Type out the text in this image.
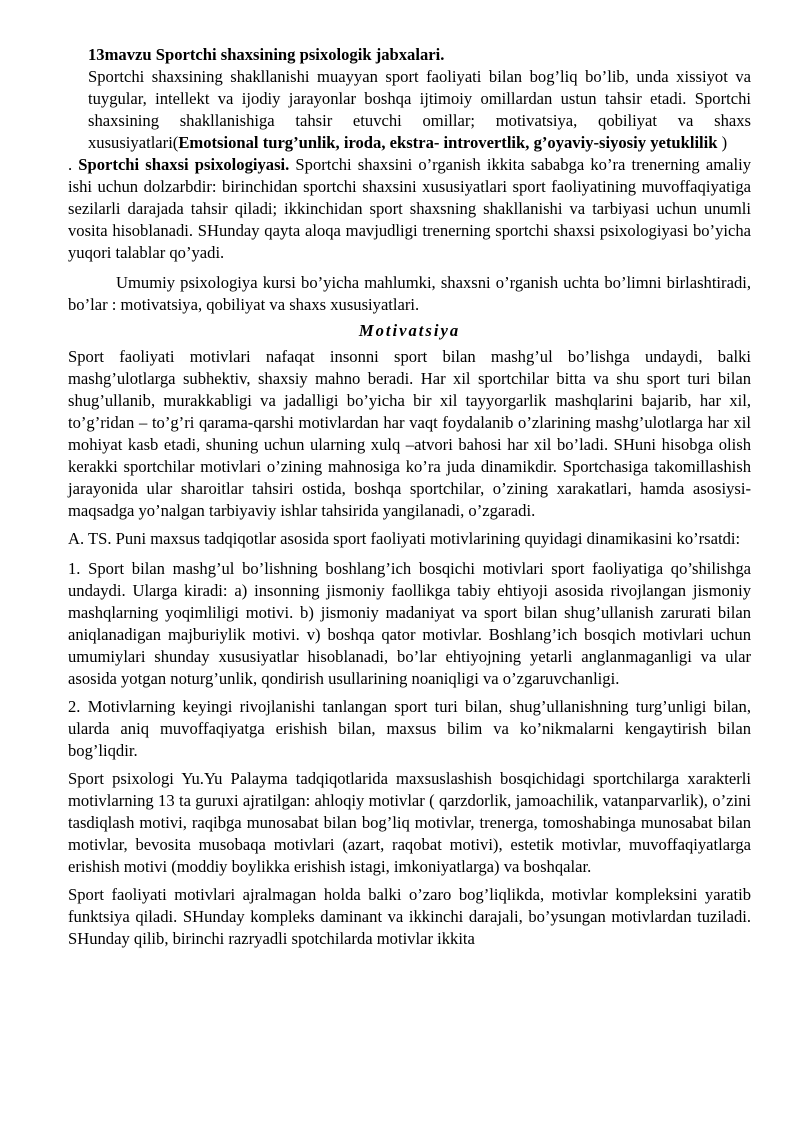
13mavzu Sportchi shaxsining psixologik jabxalari.

Sportchi shaxsining shakllanishi muayyan sport faoliyati bilan bog’liq bo’lib, unda xissiyot va tuygular, intellekt va ijodiy jarayonlar boshqa ijtimoiy omillardan ustun tahsir etadi. Sportchi shaxsining shakllanishiga tahsir etuvchi omillar; motivatsiya, qobiliyat va shaxs xususiyatlari(Emotsional turg’unlik, iroda, ekstra- introvertlik, g’oyaviy-siyosiy yetuklilik )

. Sportchi shaxsi psixologiyasi. Sportchi shaxsini o’rganish ikkita sababga ko’ra trenerning amaliy ishi uchun dolzarbdir: birinchidan sportchi shaxsini xususiyatlari sport faoliyatining muvoffaqiyatiga sezilarli darajada tahsir qiladi; ikkinchidan sport shaxsning shakllanishi va tarbiyasi uchun unumli vosita hisoblanadi. SHunday qayta aloqa mavjudligi trenerning sportchi shaxsi psixologiyasi bo’yicha yuqori talablar qo’yadi.

Umumiy psixologiya kursi bo’yicha mahlumki, shaxsni o’rganish uchta bo’limni birlashtiradi, bo’lar : motivatsiya, qobiliyat va shaxs xususiyatlari.

Motivatsiya

Sport faoliyati motivlari nafaqat insonni sport bilan mashg’ul bo’lishga undaydi, balki mashg’ulotlarga subhektiv, shaxsiy mahno beradi. Har xil sportchilar bitta va shu sport turi bilan shug’ullanib, murakkabligi va jadalligi bo’yicha bir xil tayyorgarlik mashqlarini bajarib, har xil, to’g’ridan – to’g’ri qarama-qarshi motivlardan har vaqt foydalanib o’zlarining mashg’ulotlarga har xil mohiyat kasb etadi, shuning uchun ularning xulq –atvori bahosi har xil bo’ladi. SHuni hisobga olish kerakki sportchilar motivlari o’zining mahnosiga ko’ra juda dinamikdir. Sportchasiga takomillashish jarayonida ular sharoitlar tahsiri ostida, boshqa sportchilar, o’zining xarakatlari, hamda asosiysi-maqsadga yo’nalgan tarbiyaviy ishlar tahsirida yangilanadi, o’zgaradi.

A. TS. Puni maxsus tadqiqotlar asosida sport faoliyati motivlarining quyidagi dinamikasini ko’rsatdi:

1. Sport bilan mashg’ul bo’lishning boshlang’ich bosqichi motivlari sport faoliyatiga qo’shilishga undaydi. Ularga kiradi: a) insonning jismoniy faollikga tabiy ehtiyoji asosida rivojlangan jismoniy mashqlarning yoqimliligi motivi. b) jismoniy madaniyat va sport bilan shug’ullanish zarurati bilan aniqlanadigan majburiylik motivi. v) boshqa qator motivlar. Boshlang’ich bosqich motivlari uchun umumiylari shunday xususiyatlar hisoblanadi, bo’lar ehtiyojning yetarli anglanmaganligi va ular asosida yotgan noturg’unlik, qondirish usullarining noaniqligi va o’zgaruvchanligi.

2. Motivlarning keyingi rivojlanishi tanlangan sport turi bilan, shug’ullanishning turg’unligi bilan, ularda aniq muvoffaqiyatga erishish bilan, maxsus bilim va ko’nikmalarni kengaytirish bilan bog’liqdir.

Sport psixologi Yu.Yu Palayma tadqiqotlarida maxsuslashish bosqichidagi sportchilarga xarakterli motivlarning 13 ta guruxi ajratilgan: ahloqiy motivlar ( qarzdorlik, jamoachilik, vatanparvarlik), o’zini tasdiqlash motivi, raqibga munosabat bilan bog’liq motivlar, trenerga, tomoshabinga munosabat bilan motivlar, bevosita musobaqa motivlari (azart, raqobat motivi), estetik motivlar, muvoffaqiyatlarga erishish motivi (moddiy boylikka erishish istagi, imkoniyatlarga) va boshqalar.

Sport faoliyati motivlari ajralmagan holda balki o’zaro bog’liqlikda, motivlar kompleksini yaratib funktsiya qiladi. SHunday kompleks daminant va ikkinchi darajali, bo’ysungan motivlardan tuziladi. SHunday qilib, birinchi razryadli spotchilarda motivlar ikkita
